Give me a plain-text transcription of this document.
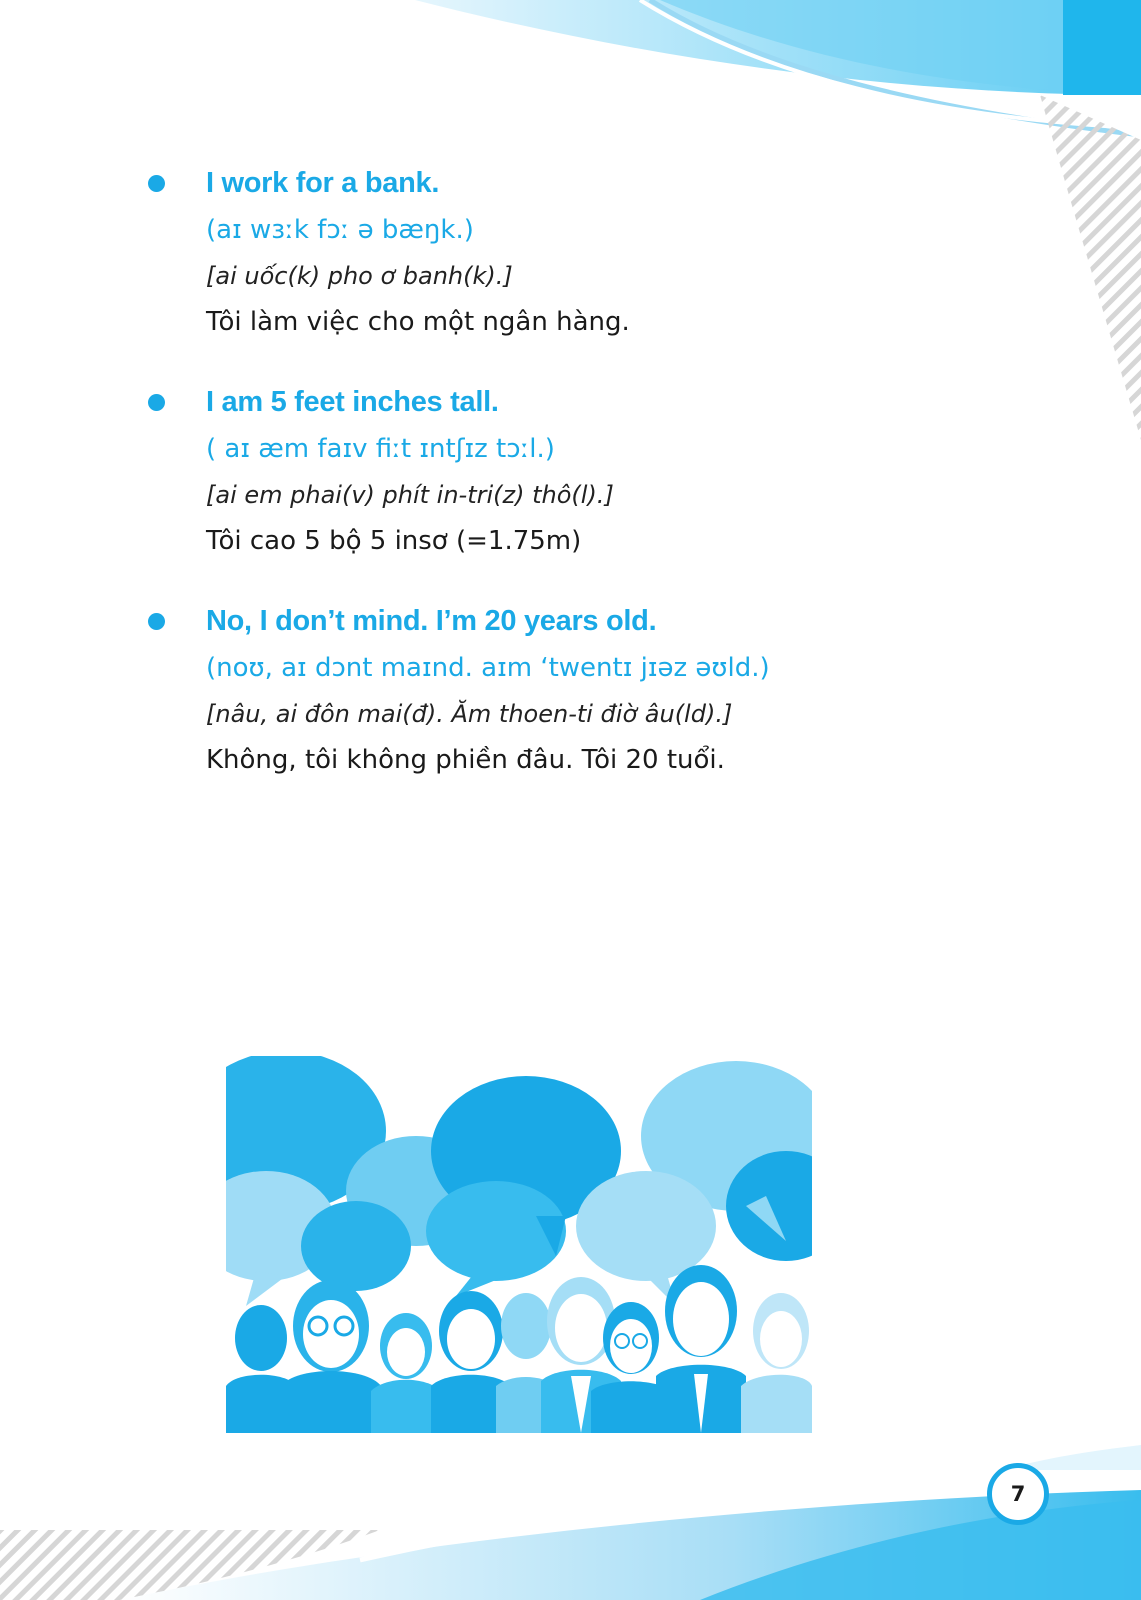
I work for a bank.

(aɪ wɜːk fɔː ə bæŋk.)

[ai uốc(k) pho ơ banh(k).]

Tôi làm việc cho một ngân hàng.

I am 5 feet inches tall.

( aɪ æm faɪv fiːt ɪntʃɪz tɔːl.)

[ai em phai(v) phít in-tri(z) thô(l).]

Tôi cao 5 bộ 5 insơ (=1.75m)

No, I don’t mind. I’m 20 years old.

(noʊ, aɪ dɔnt maɪnd. aɪm ‘twentɪ jɪəz əʊld.)

[nâu, ai đôn mai(đ). Ăm thoen-ti điờ âu(ld).]

Không, tôi không phiền đâu. Tôi 20 tuổi.

7
